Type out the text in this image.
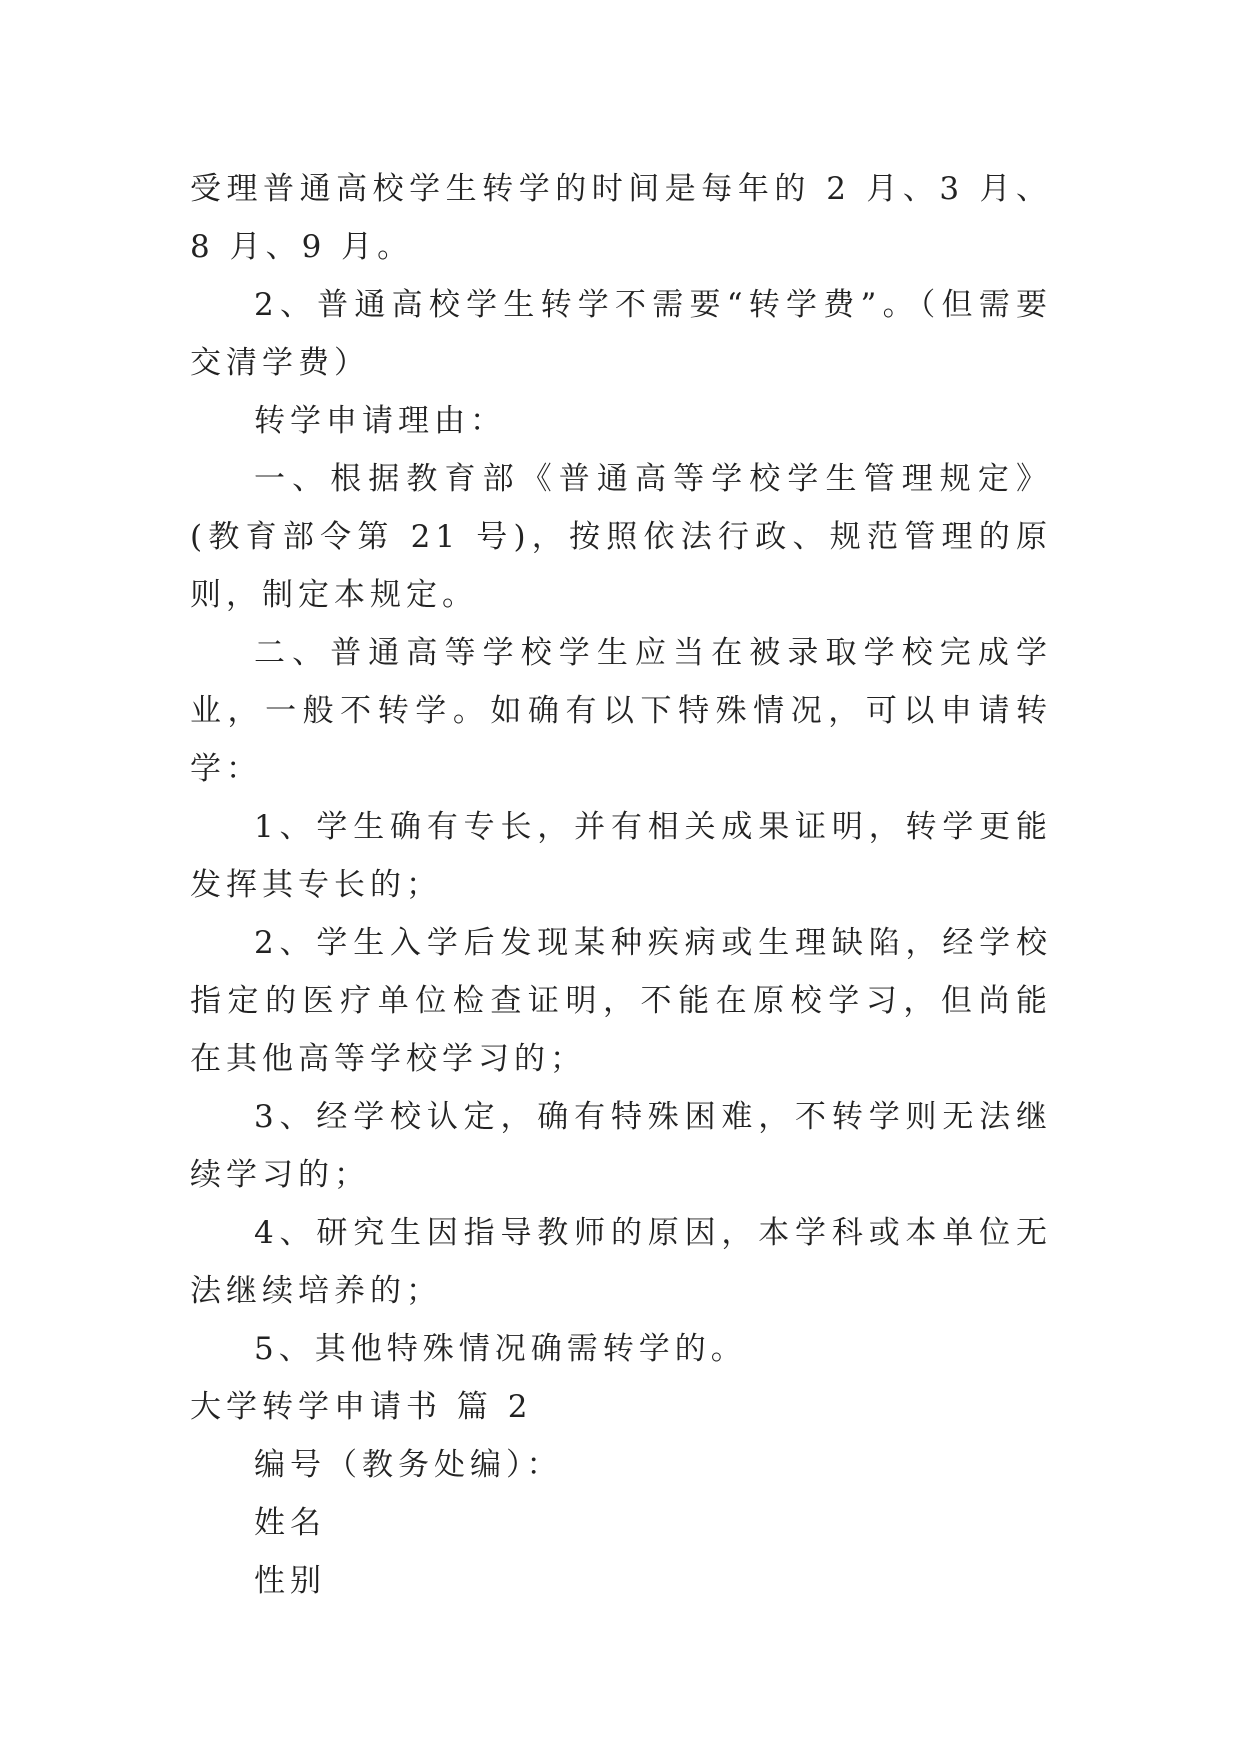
受理普通高校学生转学的时间是每年的 2 月、3 月、8 月、9 月。

2、普通高校学生转学不需要“转学费”。（但需要交清学费）

转学申请理由：

一、根据教育部《普通高等学校学生管理规定》(教育部令第 21 号)，按照依法行政、规范管理的原则，制定本规定。

二、普通高等学校学生应当在被录取学校完成学业，一般不转学。如确有以下特殊情况，可以申请转学：

1、学生确有专长，并有相关成果证明，转学更能发挥其专长的；

2、学生入学后发现某种疾病或生理缺陷，经学校指定的医疗单位检查证明，不能在原校学习，但尚能在其他高等学校学习的；

3、经学校认定，确有特殊困难，不转学则无法继续学习的；

4、研究生因指导教师的原因，本学科或本单位无法继续培养的；

5、其他特殊情况确需转学的。

大学转学申请书 篇 2

编号（教务处编）：

姓名

性别
